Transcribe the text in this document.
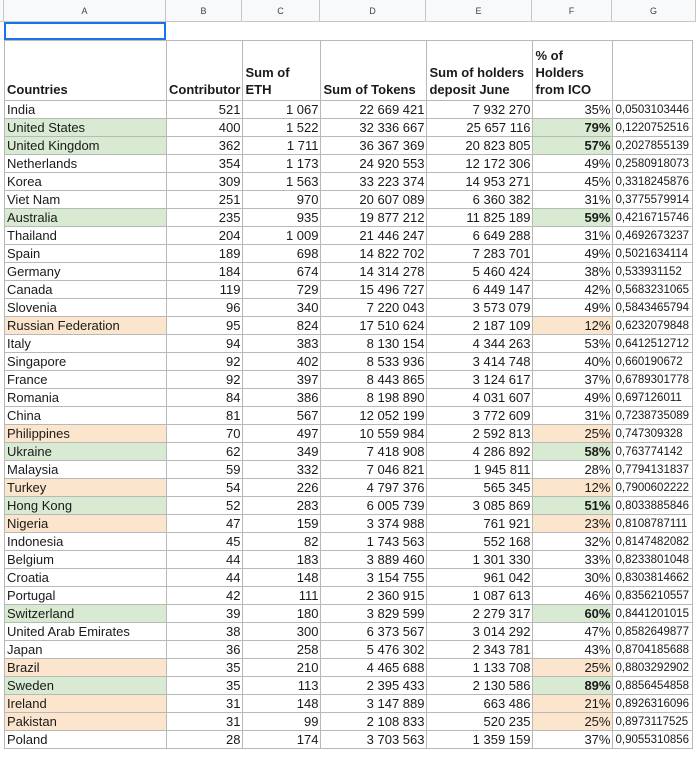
A	B	C	D	E	F	G
Countries	Contributor	Sum of ETH	Sum of Tokens	Sum of holders deposit June	% of Holders from ICO	
India	521	1 067	22 669 421	7 932 270	35%	0,0503103446
United States	400	1 522	32 336 667	25 657 116	79%	0,1220752516
United Kingdom	362	1 711	36 367 369	20 823 805	57%	0,2027855139
Netherlands	354	1 173	24 920 553	12 172 306	49%	0,2580918073
Korea	309	1 563	33 223 374	14 953 271	45%	0,3318245876
Viet Nam	251	970	20 607 089	6 360 382	31%	0,3775579914
Australia	235	935	19 877 212	11 825 189	59%	0,4216715746
Thailand	204	1 009	21 446 247	6 649 288	31%	0,4692673237
Spain	189	698	14 822 702	7 283 701	49%	0,5021634114
Germany	184	674	14 314 278	5 460 424	38%	0,533931152
Canada	119	729	15 496 727	6 449 147	42%	0,5683231065
Slovenia	96	340	7 220 043	3 573 079	49%	0,5843465794
Russian Federation	95	824	17 510 624	2 187 109	12%	0,6232079848
Italy	94	383	8 130 154	4 344 263	53%	0,6412512712
Singapore	92	402	8 533 936	3 414 748	40%	0,660190672
France	92	397	8 443 865	3 124 617	37%	0,6789301778
Romania	84	386	8 198 890	4 031 607	49%	0,697126011
China	81	567	12 052 199	3 772 609	31%	0,7238735089
Philippines	70	497	10 559 984	2 592 813	25%	0,747309328
Ukraine	62	349	7 418 908	4 286 892	58%	0,763774142
Malaysia	59	332	7 046 821	1 945 811	28%	0,7794131837
Turkey	54	226	4 797 376	565 345	12%	0,7900602222
Hong Kong	52	283	6 005 739	3 085 869	51%	0,8033885846
Nigeria	47	159	3 374 988	761 921	23%	0,8108787111
Indonesia	45	82	1 743 563	552 168	32%	0,8147482082
Belgium	44	183	3 889 460	1 301 330	33%	0,8233801048
Croatia	44	148	3 154 755	961 042	30%	0,8303814662
Portugal	42	111	2 360 915	1 087 613	46%	0,8356210557
Switzerland	39	180	3 829 599	2 279 317	60%	0,8441201015
United Arab Emirates	38	300	6 373 567	3 014 292	47%	0,8582649877
Japan	36	258	5 476 302	2 343 781	43%	0,8704185688
Brazil	35	210	4 465 688	1 133 708	25%	0,8803292902
Sweden	35	113	2 395 433	2 130 586	89%	0,8856454858
Ireland	31	148	3 147 889	663 486	21%	0,8926316096
Pakistan	31	99	2 108 833	520 235	25%	0,8973117525
Poland	28	174	3 703 563	1 359 159	37%	0,9055310856
